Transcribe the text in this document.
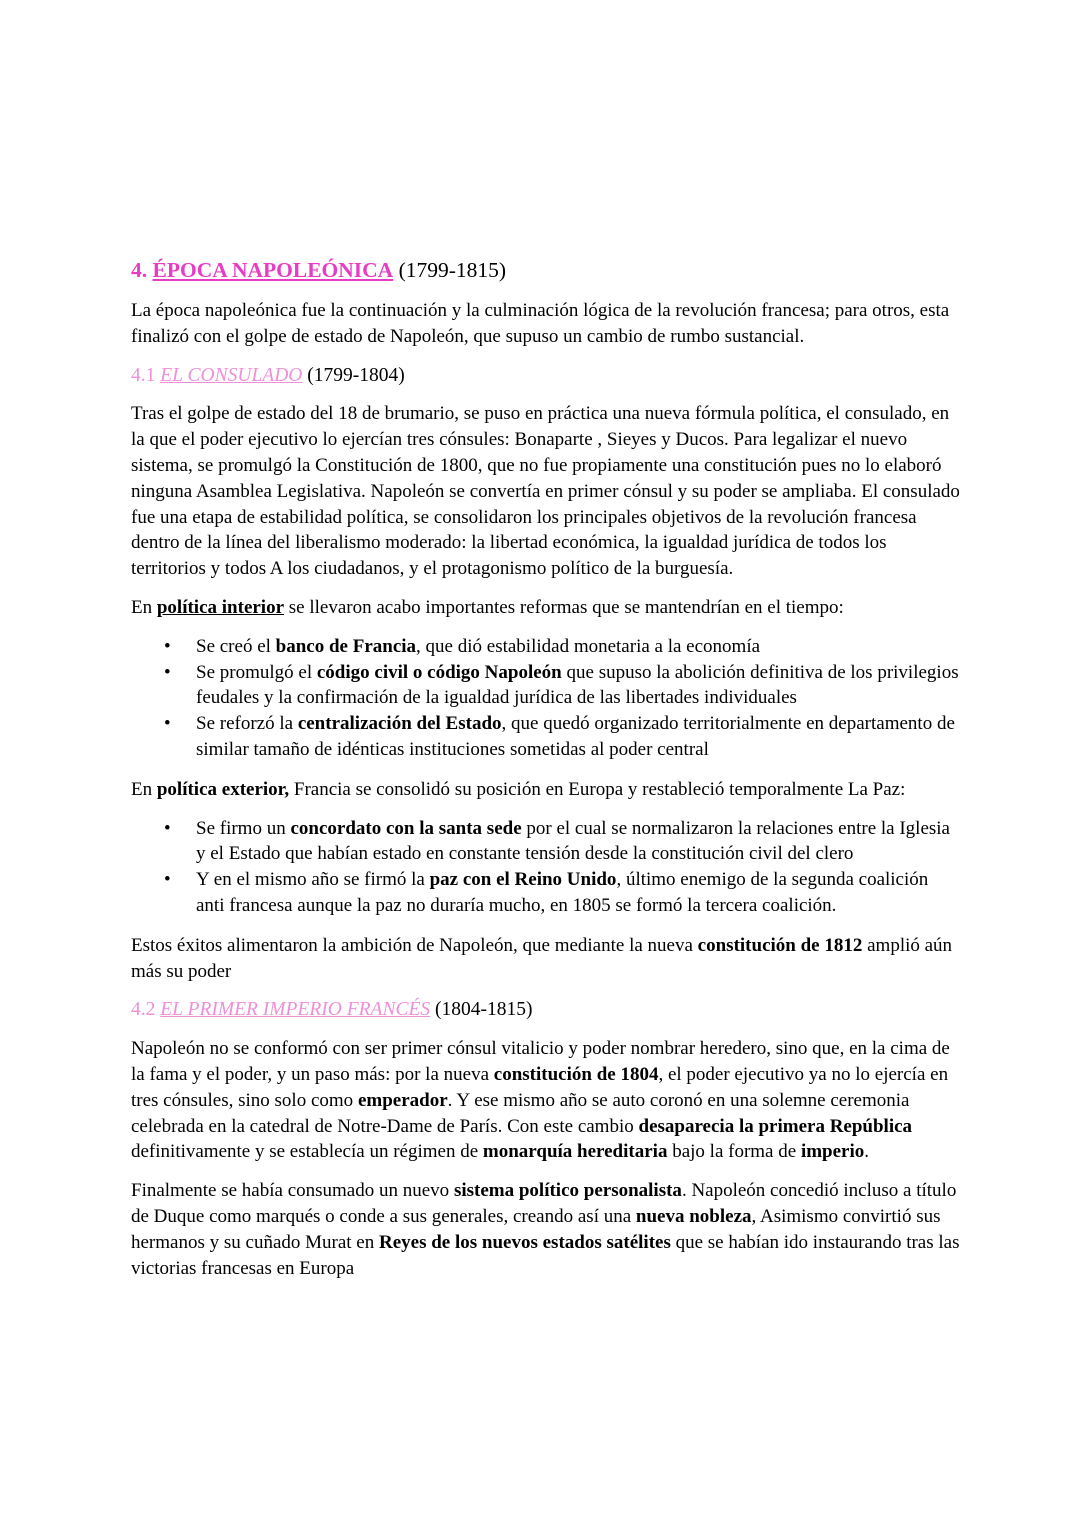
4. ÉPOCA NAPOLEÓNICA (1799-1815)

La época napoleónica fue la continuación y la culminación lógica de la revolución francesa; para otros, esta finalizó con el golpe de estado de Napoleón, que supuso un cambio de rumbo sustancial.

4.1 EL CONSULADO (1799-1804)

Tras el golpe de estado del 18 de brumario, se puso en práctica una nueva fórmula política, el consulado, en la que el poder ejecutivo lo ejercían tres cónsules: Bonaparte , Sieyes y Ducos. Para legalizar el nuevo sistema, se promulgó la Constitución de 1800, que no fue propiamente una constitución pues no lo elaboró ninguna Asamblea Legislativa. Napoleón se convertía en primer cónsul y su poder se ampliaba. El consulado fue una etapa de estabilidad política, se consolidaron los principales objetivos de la revolución francesa dentro de la línea del liberalismo moderado: la libertad económica, la igualdad jurídica de todos los territorios y todos A los ciudadanos, y el protagonismo político de la burguesía.

En política interior se llevaron acabo importantes reformas que se mantendrían en el tiempo:

• Se creó el banco de Francia, que dió estabilidad monetaria a la economía
• Se promulgó el código civil o código Napoleón que supuso la abolición definitiva de los privilegios feudales y la confirmación de la igualdad jurídica de las libertades individuales
• Se reforzó la centralización del Estado, que quedó organizado territorialmente en departamento de similar tamaño de idénticas instituciones sometidas al poder central

En política exterior, Francia se consolidó su posición en Europa y restableció temporalmente La Paz:

• Se firmo un concordato con la santa sede por el cual se normalizaron la relaciones entre la Iglesia y el Estado que habían estado en constante tensión desde la constitución civil del clero
• Y en el mismo año se firmó la paz con el Reino Unido, último enemigo de la segunda coalición anti francesa aunque la paz no duraría mucho, en 1805 se formó la tercera coalición.

Estos éxitos alimentaron la ambición de Napoleón, que mediante la nueva constitución de 1812 amplió aún más su poder

4.2 EL PRIMER IMPERIO FRANCÉS (1804-1815)

Napoleón no se conformó con ser primer cónsul vitalicio y poder nombrar heredero, sino que, en la cima de la fama y el poder, y un paso más: por la nueva constitución de 1804, el poder ejecutivo ya no lo ejercía en tres cónsules, sino solo como emperador. Y ese mismo año se auto coronó en una solemne ceremonia celebrada en la catedral de Notre-Dame de París. Con este cambio desaparecia la primera República definitivamente y se establecía un régimen de monarquía hereditaria bajo la forma de imperio.

Finalmente se había consumado un nuevo sistema político personalista. Napoleón concedió incluso a título de Duque como marqués o conde a sus generales, creando así una nueva nobleza, Asimismo convirtió sus hermanos y su cuñado Murat en Reyes de los nuevos estados satélites que se habían ido instaurando tras las victorias francesas en Europa
